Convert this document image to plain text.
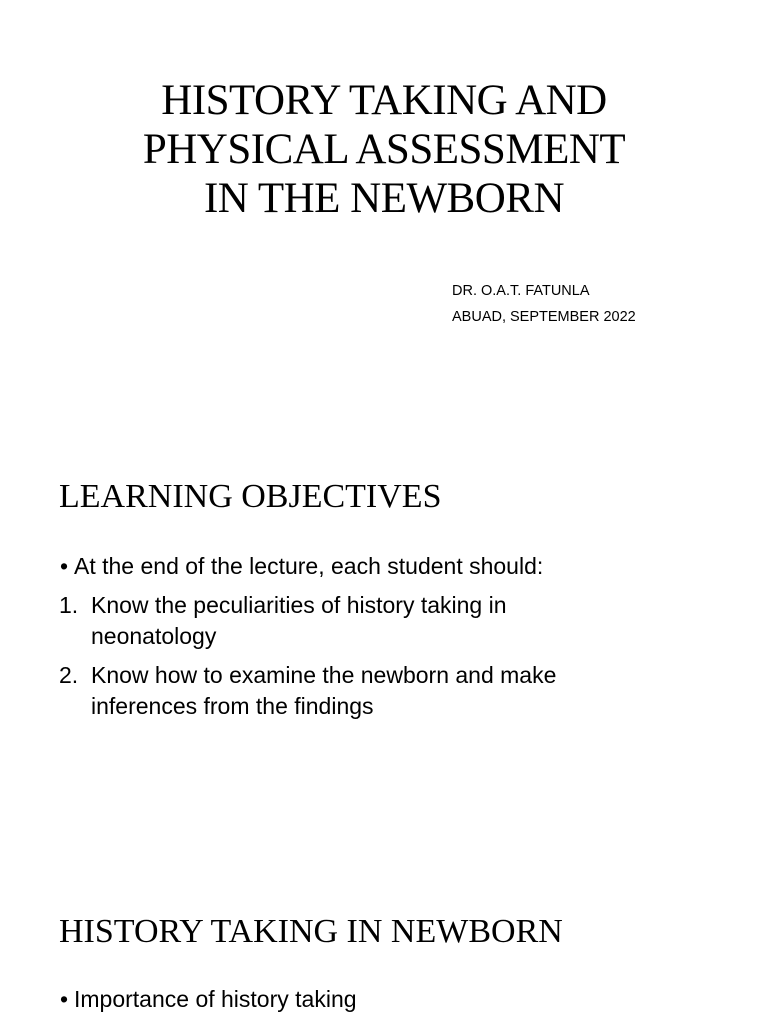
HISTORY TAKING AND
PHYSICAL ASSESSMENT
IN THE NEWBORN
DR. O.A.T. FATUNLA
ABUAD, SEPTEMBER 2022
LEARNING OBJECTIVES
• At the end of the lecture, each student should:
1. Know the peculiarities of history taking in
neonatology
2. Know how to examine the newborn and make
inferences from the findings
HISTORY TAKING IN NEWBORN
• Importance of history taking
